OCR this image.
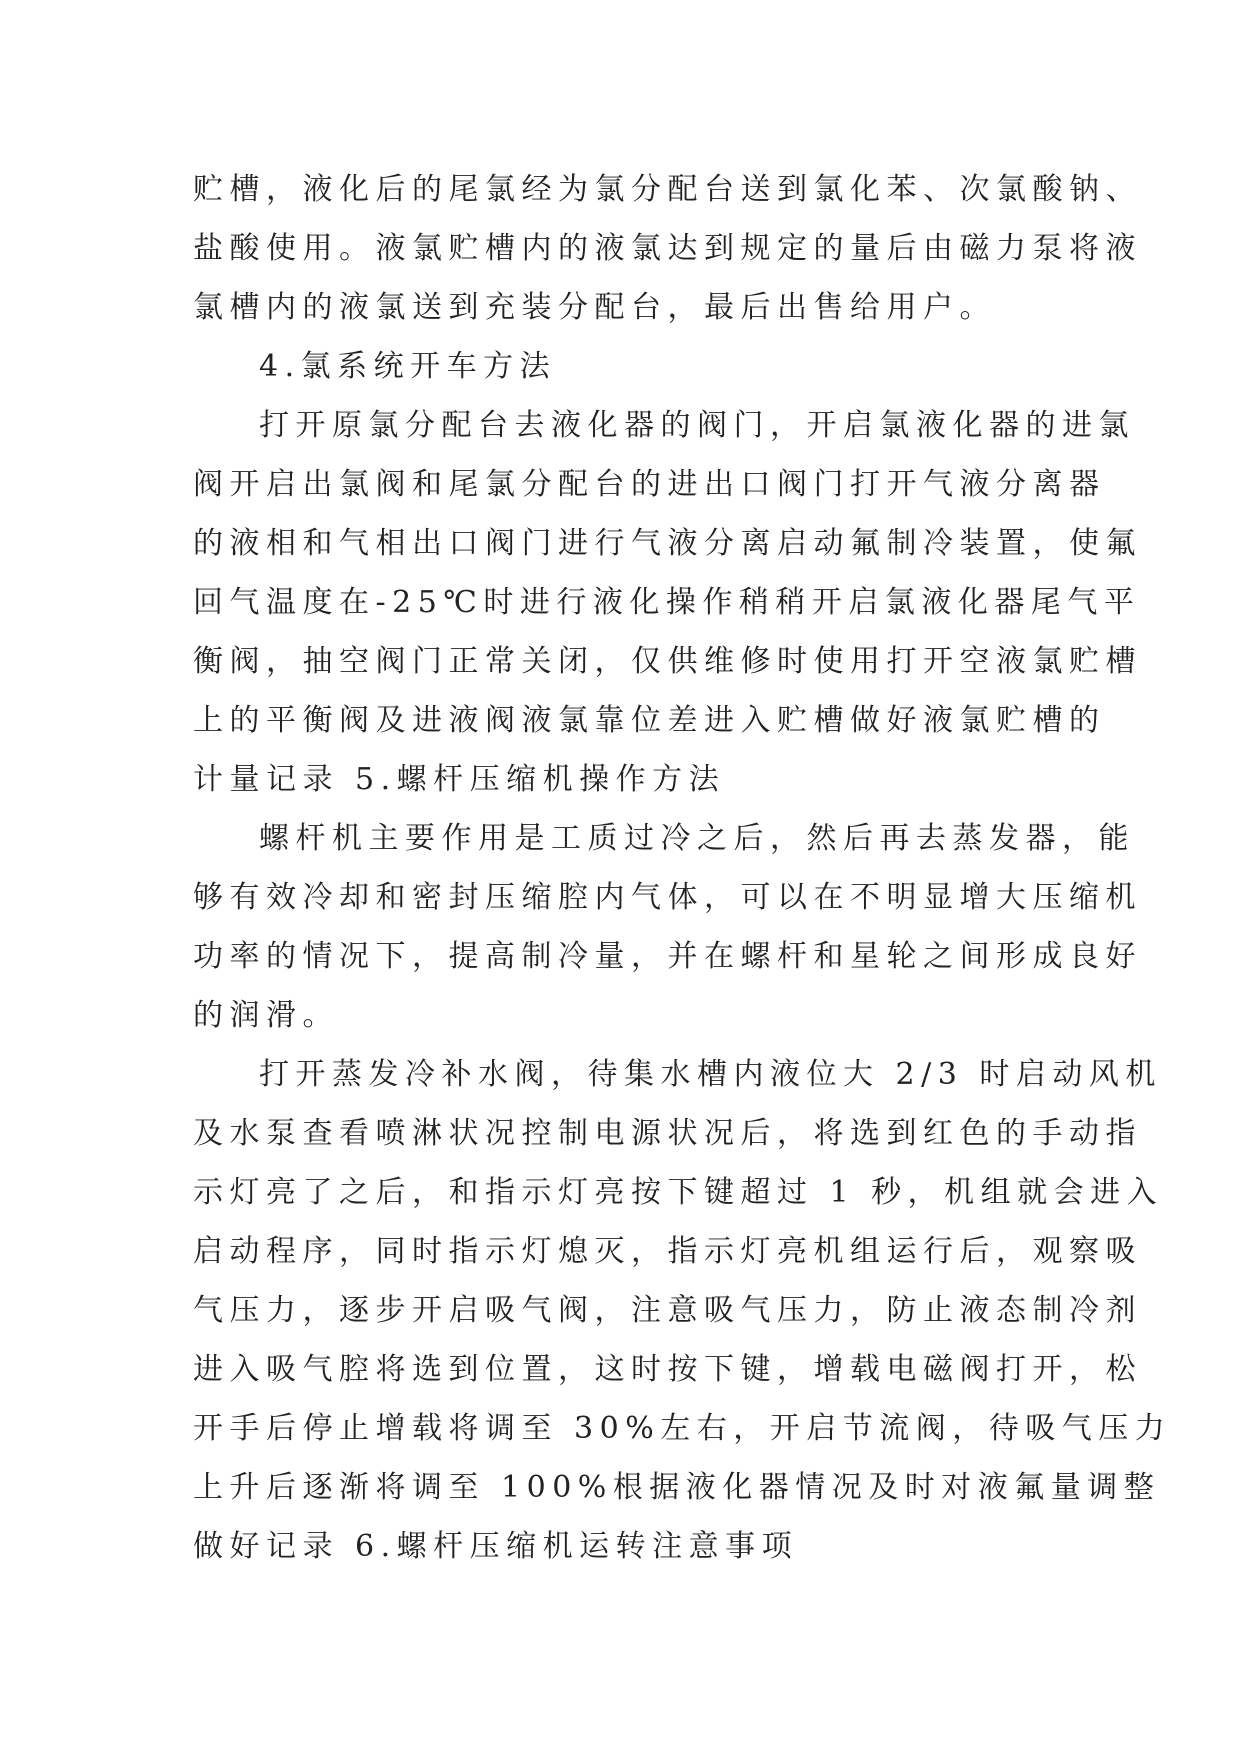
贮槽，液化后的尾氯经为氯分配台送到氯化苯、次氯酸钠、
盐酸使用。液氯贮槽内的液氯达到规定的量后由磁力泵将液
氯槽内的液氯送到充装分配台，最后出售给用户。
4.氯系统开车方法
打开原氯分配台去液化器的阀门，开启氯液化器的进氯
阀开启出氯阀和尾氯分配台的进出口阀门打开气液分离器
的液相和气相出口阀门进行气液分离启动氟制冷装置，使氟
回气温度在-25℃时进行液化操作稍稍开启氯液化器尾气平
衡阀，抽空阀门正常关闭，仅供维修时使用打开空液氯贮槽
上的平衡阀及进液阀液氯靠位差进入贮槽做好液氯贮槽的
计量记录 5.螺杆压缩机操作方法
螺杆机主要作用是工质过冷之后，然后再去蒸发器，能
够有效冷却和密封压缩腔内气体，可以在不明显增大压缩机
功率的情况下，提高制冷量，并在螺杆和星轮之间形成良好
的润滑。
打开蒸发冷补水阀，待集水槽内液位大 2/3 时启动风机
及水泵查看喷淋状况控制电源状况后，将选到红色的手动指
示灯亮了之后，和指示灯亮按下键超过 1 秒，机组就会进入
启动程序，同时指示灯熄灭，指示灯亮机组运行后，观察吸
气压力，逐步开启吸气阀，注意吸气压力，防止液态制冷剂
进入吸气腔将选到位置，这时按下键，增载电磁阀打开，松
开手后停止增载将调至 30%左右，开启节流阀，待吸气压力
上升后逐渐将调至 100%根据液化器情况及时对液氟量调整
做好记录 6.螺杆压缩机运转注意事项
